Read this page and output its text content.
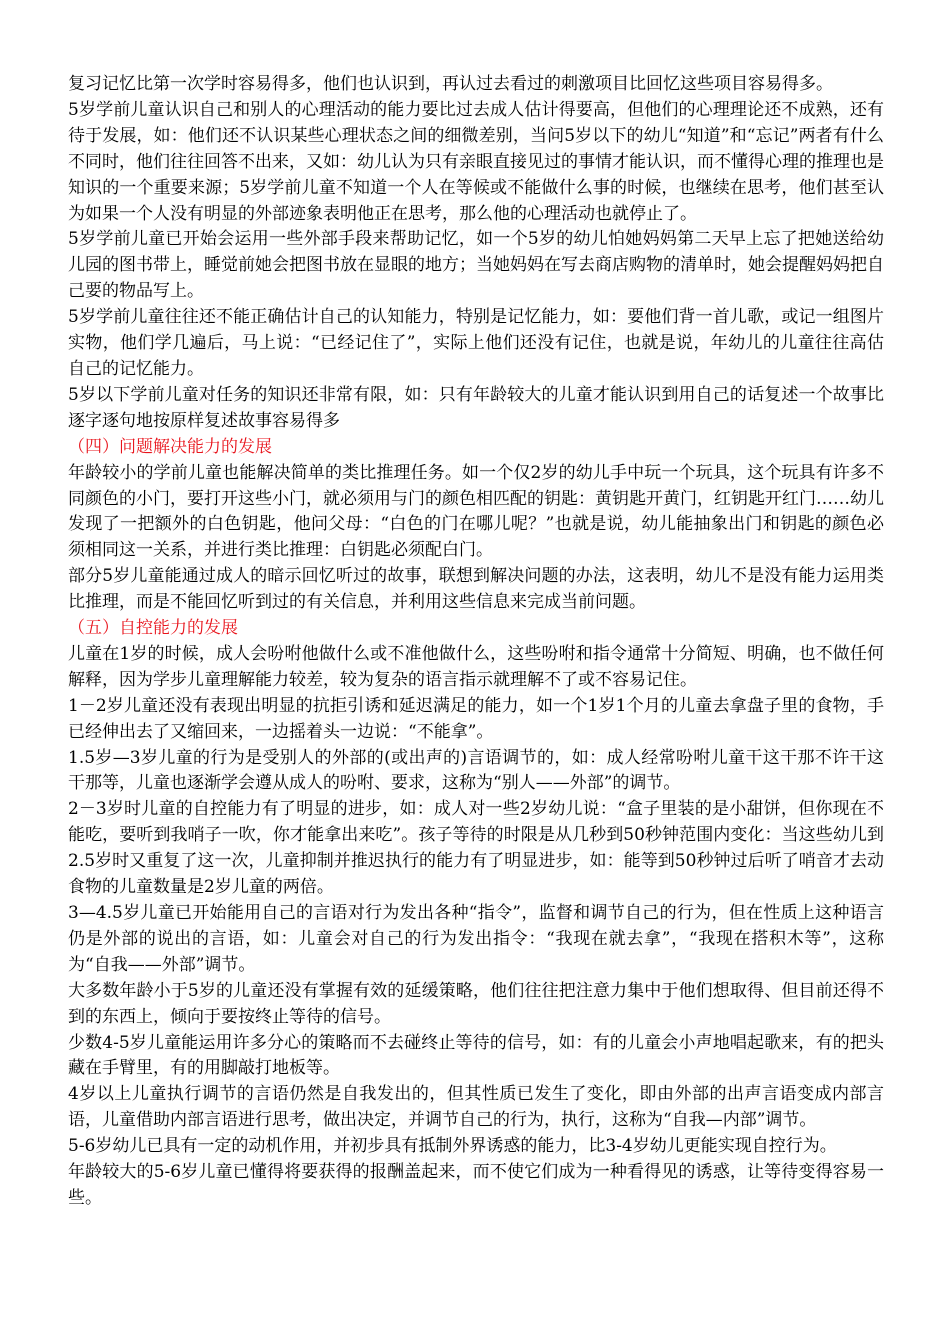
复习记忆比第一次学时容易得多，他们也认识到，再认过去看过的刺激项目比回忆这些项目容易得多。

5岁学前儿童认识自己和别人的心理活动的能力要比过去成人估计得要高，但他们的心理理论还不成熟，还有待于发展，如：他们还不认识某些心理状态之间的细微差别，当问5岁以下的幼儿“知道”和“忘记”两者有什么不同时，他们往往回答不出来，又如：幼儿认为只有亲眼直接见过的事情才能认识，而不懂得心理的推理也是知识的一个重要来源；5岁学前儿童不知道一个人在等候或不能做什么事的时候，也继续在思考，他们甚至认为如果一个人没有明显的外部迹象表明他正在思考，那么他的心理活动也就停止了。

5岁学前儿童已开始会运用一些外部手段来帮助记忆，如一个5岁的幼儿怕她妈妈第二天早上忘了把她送给幼儿园的图书带上，睡觉前她会把图书放在显眼的地方；当她妈妈在写去商店购物的清单时，她会提醒妈妈把自己要的物品写上。

5岁学前儿童往往还不能正确估计自己的认知能力，特别是记忆能力，如：要他们背一首儿歌，或记一组图片实物，他们学几遍后，马上说：“已经记住了”，实际上他们还没有记住，也就是说，年幼儿的儿童往往高估自己的记忆能力。

5岁以下学前儿童对任务的知识还非常有限，如：只有年龄较大的儿童才能认识到用自己的话复述一个故事比逐字逐句地按原样复述故事容易得多

（四）问题解决能力的发展

年龄较小的学前儿童也能解决简单的类比推理任务。如一个仅2岁的幼儿手中玩一个玩具，这个玩具有许多不同颜色的小门，要打开这些小门，就必须用与门的颜色相匹配的钥匙：黄钥匙开黄门，红钥匙开红门……幼儿发现了一把额外的白色钥匙，他问父母：“白色的门在哪儿呢？”也就是说，幼儿能抽象出门和钥匙的颜色必须相同这一关系，并进行类比推理：白钥匙必须配白门。

部分5岁儿童能通过成人的暗示回忆听过的故事，联想到解决问题的办法，这表明，幼儿不是没有能力运用类比推理，而是不能回忆听到过的有关信息，并利用这些信息来完成当前问题。

（五）自控能力的发展

儿童在1岁的时候，成人会吩咐他做什么或不准他做什么，这些吩咐和指令通常十分简短、明确，也不做任何解释，因为学步儿童理解能力较差，较为复杂的语言指示就理解不了或不容易记住。

1－2岁儿童还没有表现出明显的抗拒引诱和延迟满足的能力，如一个1岁1个月的儿童去拿盘子里的食物，手已经伸出去了又缩回来，一边摇着头一边说：“不能拿”。

1.5岁—3岁儿童的行为是受别人的外部的(或出声的)言语调节的，如：成人经常吩咐儿童干这干那不许干这干那等，儿童也逐渐学会遵从成人的吩咐、要求，这称为“别人——外部”的调节。

2－3岁时儿童的自控能力有了明显的进步，如：成人对一些2岁幼儿说：“盒子里装的是小甜饼，但你现在不能吃，要听到我哨子一吹，你才能拿出来吃”。孩子等待的时限是从几秒到50秒钟范围内变化：当这些幼儿到2.5岁时又重复了这一次，儿童抑制并推迟执行的能力有了明显进步，如：能等到50秒钟过后听了哨音才去动食物的儿童数量是2岁儿童的两倍。

3—4.5岁儿童已开始能用自己的言语对行为发出各种“指令”，监督和调节自己的行为，但在性质上这种语言仍是外部的说出的言语，如：儿童会对自己的行为发出指令：“我现在就去拿”，“我现在搭积木等”，这称为“自我——外部”调节。

大多数年龄小于5岁的儿童还没有掌握有效的延缓策略，他们往往把注意力集中于他们想取得、但目前还得不到的东西上，倾向于要按终止等待的信号。

少数4-5岁儿童能运用许多分心的策略而不去碰终止等待的信号，如：有的儿童会小声地唱起歌来，有的把头藏在手臂里，有的用脚敲打地板等。

4岁以上儿童执行调节的言语仍然是自我发出的，但其性质已发生了变化，即由外部的出声言语变成内部言语，儿童借助内部言语进行思考，做出决定，并调节自己的行为，执行，这称为“自我—内部”调节。

5-6岁幼儿已具有一定的动机作用，并初步具有抵制外界诱惑的能力，比3-4岁幼儿更能实现自控行为。

年龄较大的5-6岁儿童已懂得将要获得的报酬盖起来，而不使它们成为一种看得见的诱惑，让等待变得容易一些。
